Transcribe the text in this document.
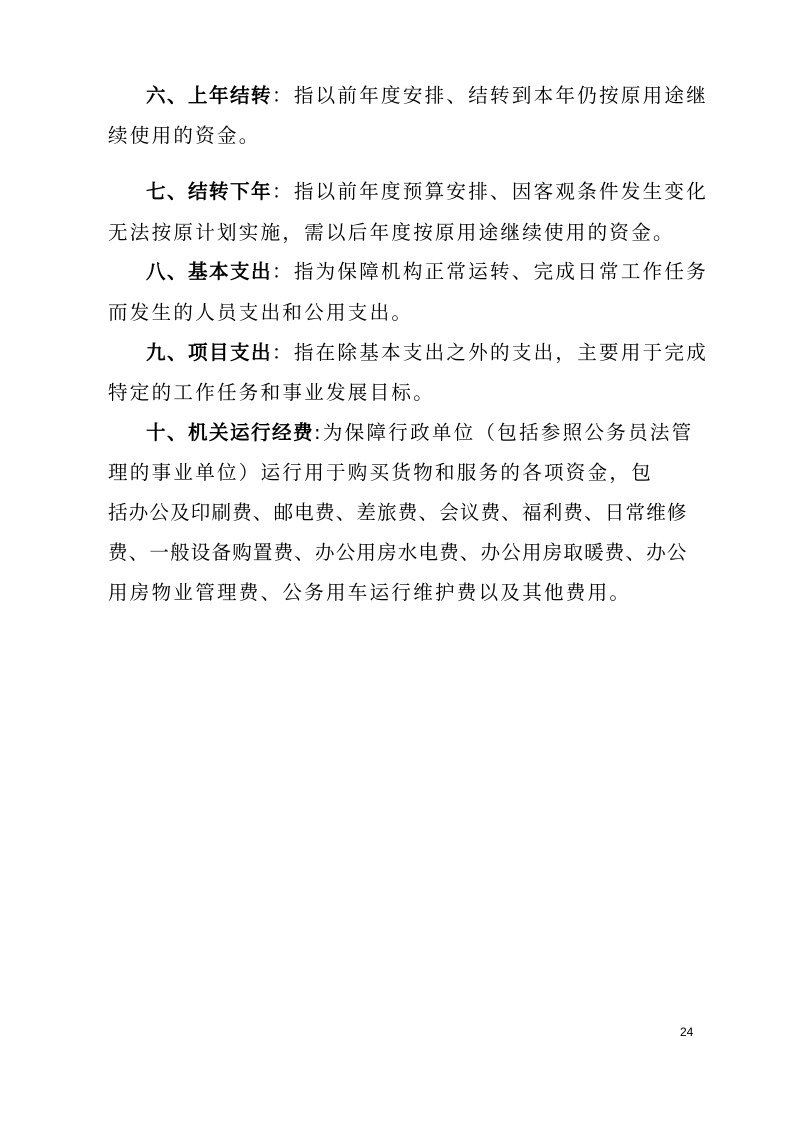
六、上年结转：指以前年度安排、结转到本年仍按原用途继
续使用的资金。
七、结转下年：指以前年度预算安排、因客观条件发生变化
无法按原计划实施，需以后年度按原用途继续使用的资金。
八、基本支出：指为保障机构正常运转、完成日常工作任务
而发生的人员支出和公用支出。
九、项目支出：指在除基本支出之外的支出，主要用于完成
特定的工作任务和事业发展目标。
十、机关运行经费:为保障行政单位（包括参照公务员法管
理的事业单位）运行用于购买货物和服务的各项资金，包
括办公及印刷费、邮电费、差旅费、会议费、福利费、日常维修
费、一般设备购置费、办公用房水电费、办公用房取暖费、办公
用房物业管理费、公务用车运行维护费以及其他费用。
24
